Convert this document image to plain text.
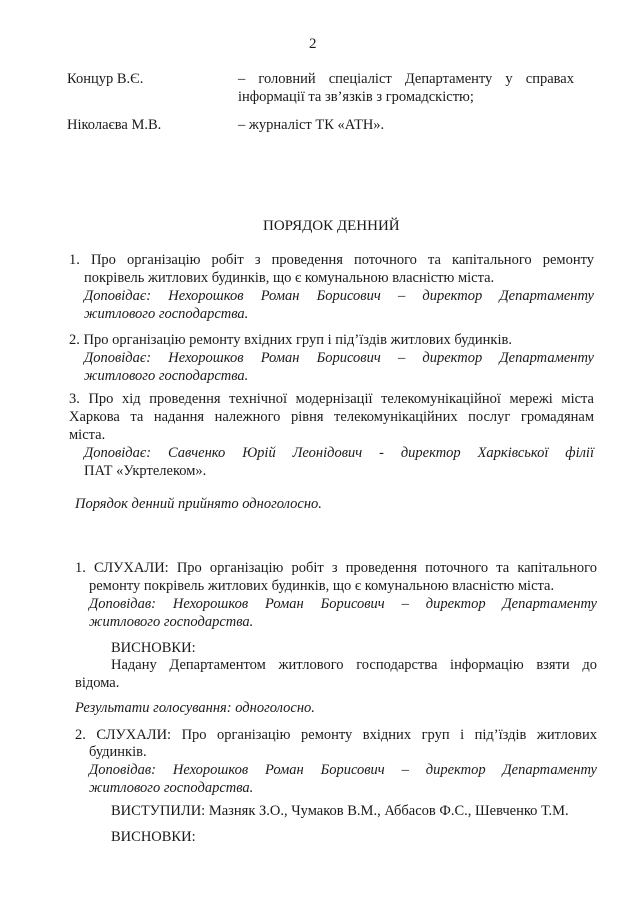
2
Концур В.Є.	– головний спеціаліст Департаменту у справах
інформації та зв’язків з громадскістю;
Ніколаєва М.В.	– журналіст ТК «АТН».
ПОРЯДОК ДЕННИЙ
1. Про організацію робіт з проведення поточного та капітального ремонту
покрівель житлових будинків, що є комунальною власністю міста.
Доповідає: Нехорошков Роман Борисович – директор Департаменту
житлового господарства.
2. Про організацію ремонту вхідних груп і під’їздів житлових будинків.
Доповідає: Нехорошков Роман Борисович – директор Департаменту
житлового господарства.
3. Про хід проведення технічної модернізації телекомунікаційної мережі міста
Харкова та надання належного рівня телекомунікаційних послуг громадянам
міста.
Доповідає: Савченко Юрій Леонідович - директор Харківської філії
ПАТ «Укртелеком».
Порядок денний прийнято одноголосно.
1. СЛУХАЛИ: Про організацію робіт з проведення поточного та капітального
ремонту покрівель житлових будинків, що є комунальною власністю міста.
Доповідав: Нехорошков Роман Борисович – директор Департаменту
житлового господарства.
ВИСНОВКИ:
Надану Департаментом житлового господарства інформацію взяти до
відома.
Результати голосування: одноголосно.
2. СЛУХАЛИ: Про організацію ремонту вхідних груп і під’їздів житлових
будинків.
Доповідав: Нехорошков Роман Борисович – директор Департаменту
житлового господарства.
ВИСТУПИЛИ: Мазняк З.О., Чумаков В.М., Аббасов Ф.С., Шевченко Т.М.
ВИСНОВКИ:
